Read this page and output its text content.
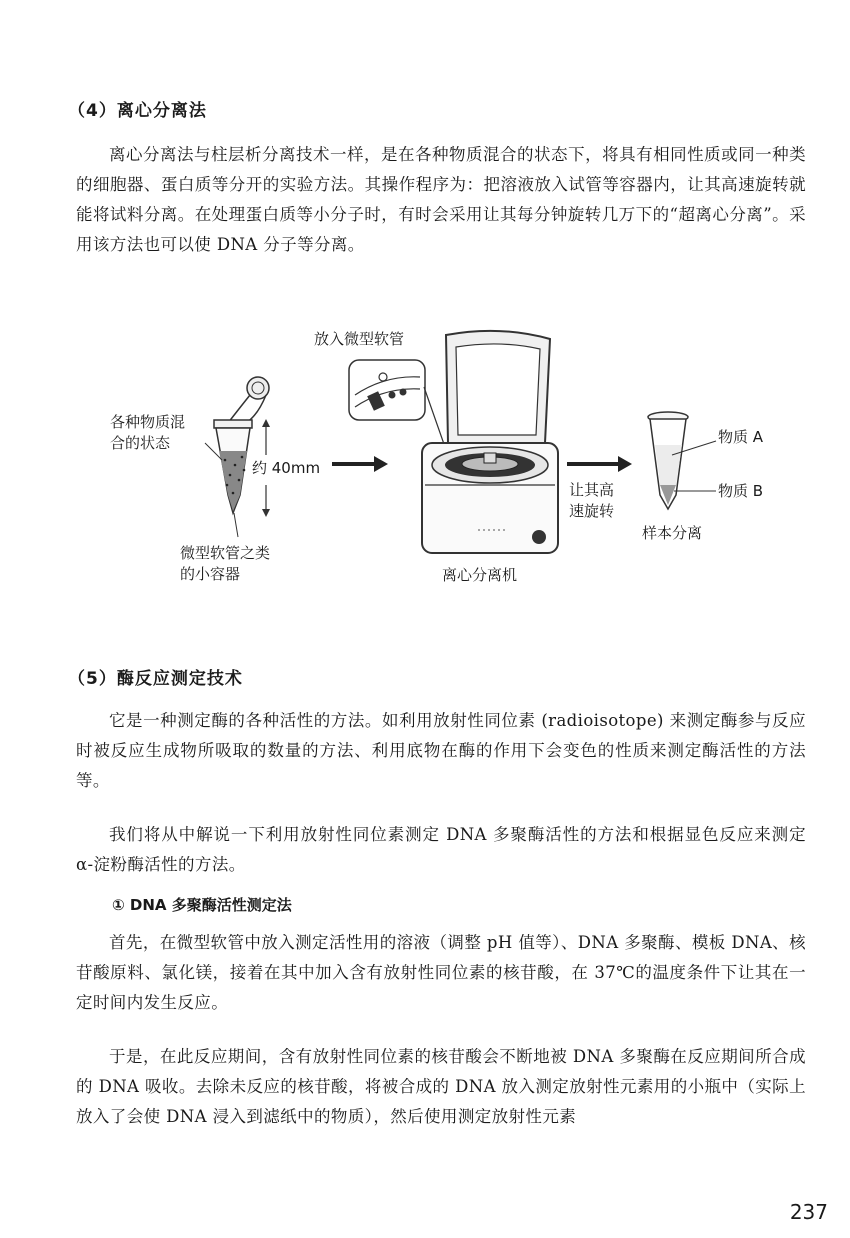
（4）离心分离法
离心分离法与柱层析分离技术一样，是在各种物质混合的状态下，将具有相同性质或同一种类的细胞器、蛋白质等分开的实验方法。其操作程序为：把溶液放入试管等容器内，让其高速旋转就能将试料分离。在处理蛋白质等小分子时，有时会采用让其每分钟旋转几万下的“超离心分离”。采用该方法也可以使 DNA 分子等分离。
各种物质混
合的状态
约 40mm
微型软管之类
的小容器
放入微型软管
离心分离机
让其高
速旋转
物质 A
物质 B
样本分离
（5）酶反应测定技术
它是一种测定酶的各种活性的方法。如利用放射性同位素 (radioisotope) 来测定酶参与反应时被反应生成物所吸取的数量的方法、利用底物在酶的作用下会变色的性质来测定酶活性的方法等。
我们将从中解说一下利用放射性同位素测定 DNA 多聚酶活性的方法和根据显色反应来测定 α-淀粉酶活性的方法。
① DNA 多聚酶活性测定法
首先，在微型软管中放入测定活性用的溶液（调整 pH 值等）、DNA 多聚酶、模板 DNA、核苷酸原料、氯化镁，接着在其中加入含有放射性同位素的核苷酸，在 37℃的温度条件下让其在一定时间内发生反应。
于是，在此反应期间，含有放射性同位素的核苷酸会不断地被 DNA 多聚酶在反应期间所合成的 DNA 吸收。去除未反应的核苷酸，将被合成的 DNA 放入测定放射性元素用的小瓶中（实际上放入了会使 DNA 浸入到滤纸中的物质），然后使用测定放射性元素
237
